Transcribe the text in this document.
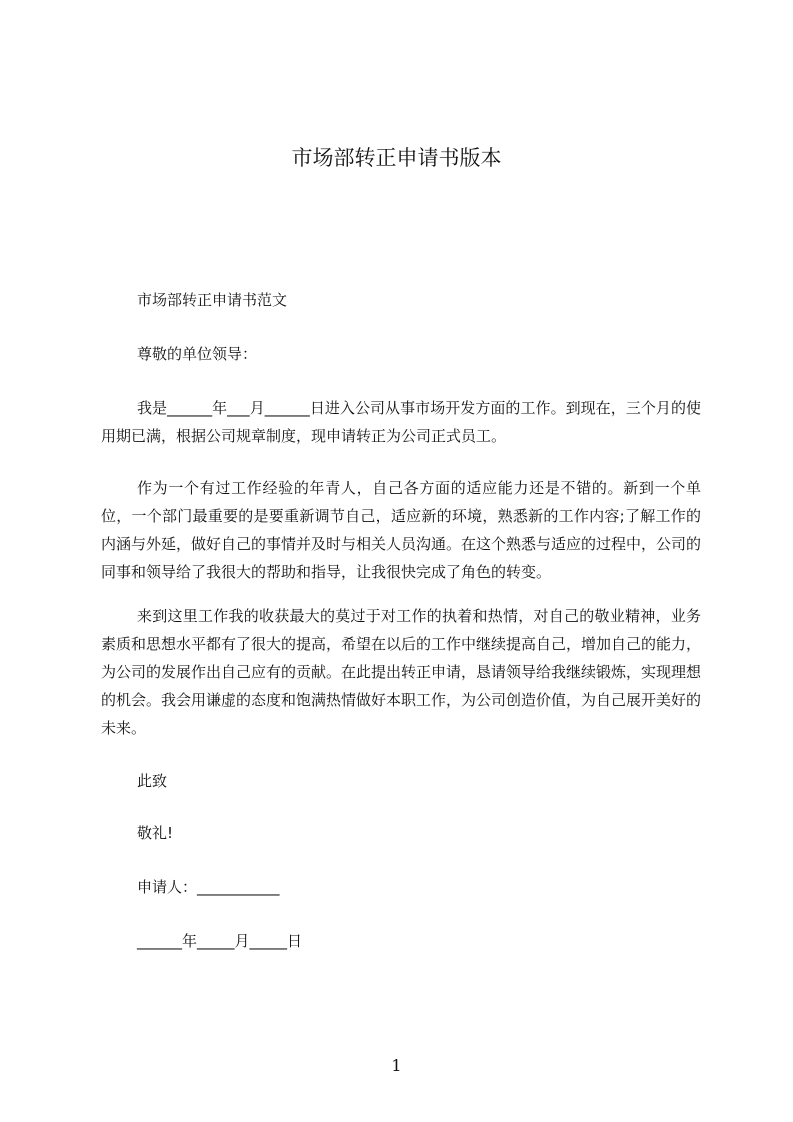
市场部转正申请书版本
市场部转正申请书范文
尊敬的单位领导：
我是______年___月______日进入公司从事市场开发方面的工作。到现在，三个月的使用期已满，根据公司规章制度，现申请转正为公司正式员工。
作为一个有过工作经验的年青人，自己各方面的适应能力还是不错的。新到一个单位，一个部门最重要的是要重新调节自己，适应新的环境，熟悉新的工作内容;了解工作的内涵与外延，做好自己的事情并及时与相关人员沟通。在这个熟悉与适应的过程中，公司的同事和领导给了我很大的帮助和指导，让我很快完成了角色的转变。
来到这里工作我的收获最大的莫过于对工作的执着和热情，对自己的敬业精神，业务素质和思想水平都有了很大的提高，希望在以后的工作中继续提高自己，增加自己的能力，为公司的发展作出自己应有的贡献。在此提出转正申请，恳请领导给我继续锻炼，实现理想的机会。我会用谦虚的态度和饱满热情做好本职工作，为公司创造价值，为自己展开美好的未来。
此致
敬礼!
申请人：___________
______年_____月_____日
1
